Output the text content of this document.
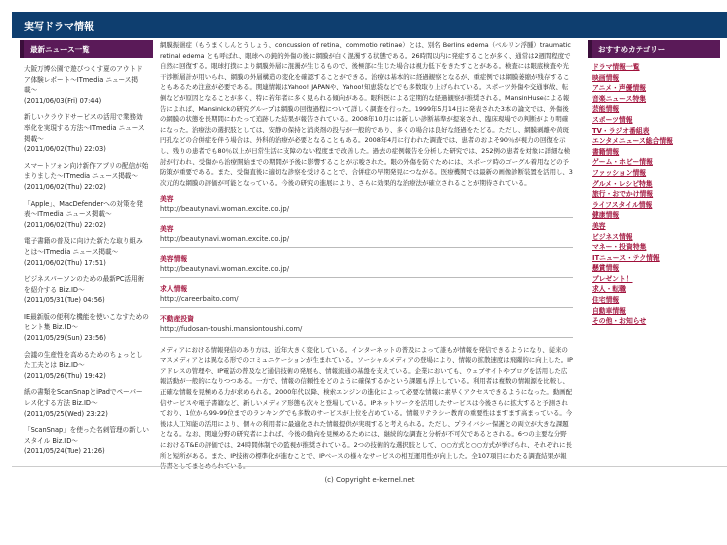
実写ドラマ情報
最新ニュース一覧
大阪万博公園で遊びつくす夏のアウトドア体験レポート〜ITmedia ニュース掲載〜
(2011/06/03(Fri) 07:44)
新しいクラウドサービスの活用で業務効率化を実現する方法〜ITmedia ニュース掲載〜
(2011/06/02(Thu) 22:03)
スマートフォン向け新作アプリの配信が始まりました〜ITmedia ニュース掲載〜
(2011/06/02(Thu) 22:02)
「Apple」、MacDefenderへの対策を発表〜ITmedia ニュース掲載〜
(2011/06/02(Thu) 22:02)
電子書籍の普及に向けた新たな取り組みとは〜ITmedia ニュース掲載〜
(2011/06/02(Thu) 17:51)
ビジネスパーソンのための最新PC活用術を紹介する Biz.ID〜
(2011/05/31(Tue) 04:56)
IE最新版の便利な機能を使いこなすためのヒント集 Biz.ID〜
(2011/05/29(Sun) 23:56)
会議の生産性を高めるためのちょっとした工夫とは Biz.ID〜
(2011/05/26(Thu) 19:42)
紙の書類をScanSnapとiPadでペーパーレス化する方法 Biz.ID〜
(2011/05/25(Wed) 23:22)
「ScanSnap」を使った名刺管理の新しいスタイル Biz.ID〜
(2011/05/24(Tue) 21:26)

網膜振盪症（もうまくしんとうしょう、concussion of retina、commotio retinae）とは、別名 Berlins edema（ベルリン浮腫）traumatic retinal edema とも呼ばれ、眼球への鈍的外傷の後に網膜が白く混濁する状態である。26時間以内に発症することが多く、通常は2週間程度で自然に回復する。眼球打撲により網膜外層に混濁が生じるもので、後極部に生じた場合は視力低下をきたすことがある。検査には眼底検査や光干渉断層計が用いられ、網膜の外層構造の変化を確認することができる。治療は基本的に経過観察となるが、重症例では網膜萎縮が残存することもあるため注意が必要である。関連情報はYahoo! JAPANや、Yahoo!知恵袋などでも多数取り上げられている。スポーツ外傷や交通事故、転倒などが原因となることが多く、特に若年者に多く見られる傾向がある。眼科医による定期的な経過観察が推奨される。MansinHuseによる報告によれば、MansinIckの研究グループは網膜の回復過程について詳しく調査を行った。1999年5月14日に発表された3本の論文では、外傷後の網膜の状態を長期間にわたって追跡した結果が報告されている。2008年10月には新しい診断基準が提案され、臨床現場での判断がより明確になった。治療法の選択肢としては、安静の保持と消炎剤の投与が一般的であり、多くの場合は良好な経過をたどる。ただし、網膜剥離や黄斑円孔などの合併症を伴う場合は、外科的治療が必要となることもある。2008年4月に行われた調査では、患者のおよそ90％が視力の回復を示し、残りの患者でも80％以上が日常生活に支障のない程度まで改善した。過去の症例報告を分析した研究では、252例の患者を対象に詳細な検討が行われ、受傷から治療開始までの期間が予後に影響することが示唆された。眼の外傷を防ぐためには、スポーツ時のゴーグル着用などの予防策が重要である。また、受傷直後に適切な診察を受けることで、合併症の早期発見につながる。医療機関では最新の画像診断装置を活用し、3次元的な網膜の評価が可能となっている。今後の研究の進展により、さらに効果的な治療法が確立されることが期待されている。

美容
http://beautynavi.woman.excite.co.jp/
美容
http://beautynavi.woman.excite.co.jp/
美容情報
http://beautynavi.woman.excite.co.jp/
求人情報
http://careerbaito.com/
不動産投資
http://fudosan-toushi.mansiontoushi.com/

メディアにおける情報発信のあり方は、近年大きく変化している。インターネットの普及によって誰もが情報を発信できるようになり、従来のマスメディアとは異なる形でのコミュニケーションが生まれている。ソーシャルメディアの登場により、情報の拡散速度は飛躍的に向上した。IPアドレスの管理や、IP電話の普及など通信技術の発展も、情報流通の基盤を支えている。企業においても、ウェブサイトやブログを活用した広報活動が一般的になりつつある。一方で、情報の信頼性をどのように確保するかという課題も浮上している。利用者は複数の情報源を比較し、正確な情報を見極める力が求められる。2000年代以降、検索エンジンの進化によって必要な情報に素早くアクセスできるようになった。動画配信サービスや電子書籍など、新しいメディア形態も次々と登場している。IPネットワークを活用したサービスは今後さらに拡大すると予測されており、1位から99-99位までのランキングでも多数のサービスが上位を占めている。情報リテラシー教育の重要性はますます高まっている。今後は人工知能の活用により、個々の利用者に最適化された情報提供が実現すると考えられる。ただし、プライバシー保護との両立が大きな課題となる。なお、関連分野の研究者によれば、今後の動向を見極めるためには、継続的な調査と分析が不可欠であるとされる。6つの主要な分野におけるT&Eの評価では、24時間体制での監視が推奨されている。2つの技術的な選択肢として、○○方式と○○方式が挙げられ、それぞれに長所と短所がある。また、IP技術の標準化が進むことで、IPベースの様々なサービスの相互運用性が向上した。全107項目にわたる調査結果が報告書としてまとめられている。

おすすめカテゴリー
ドラマ情報一覧
映画情報
アニメ・声優情報
音楽ニュース特集
芸能情報
スポーツ情報
TV・ラジオ番組表
エンタメニュース総合情報
書籍情報
ゲーム・ホビー情報
ファッション情報
グルメ・レシピ特集
旅行・おでかけ情報
ライフスタイル情報
健康情報
美容
ビジネス情報
マネー・投資特集
ITニュース・テク情報
懸賞情報
プレゼント！
求人・転職
住宅情報
自動車情報
その他・お知らせ
(c) Copyright e-kernel.net
